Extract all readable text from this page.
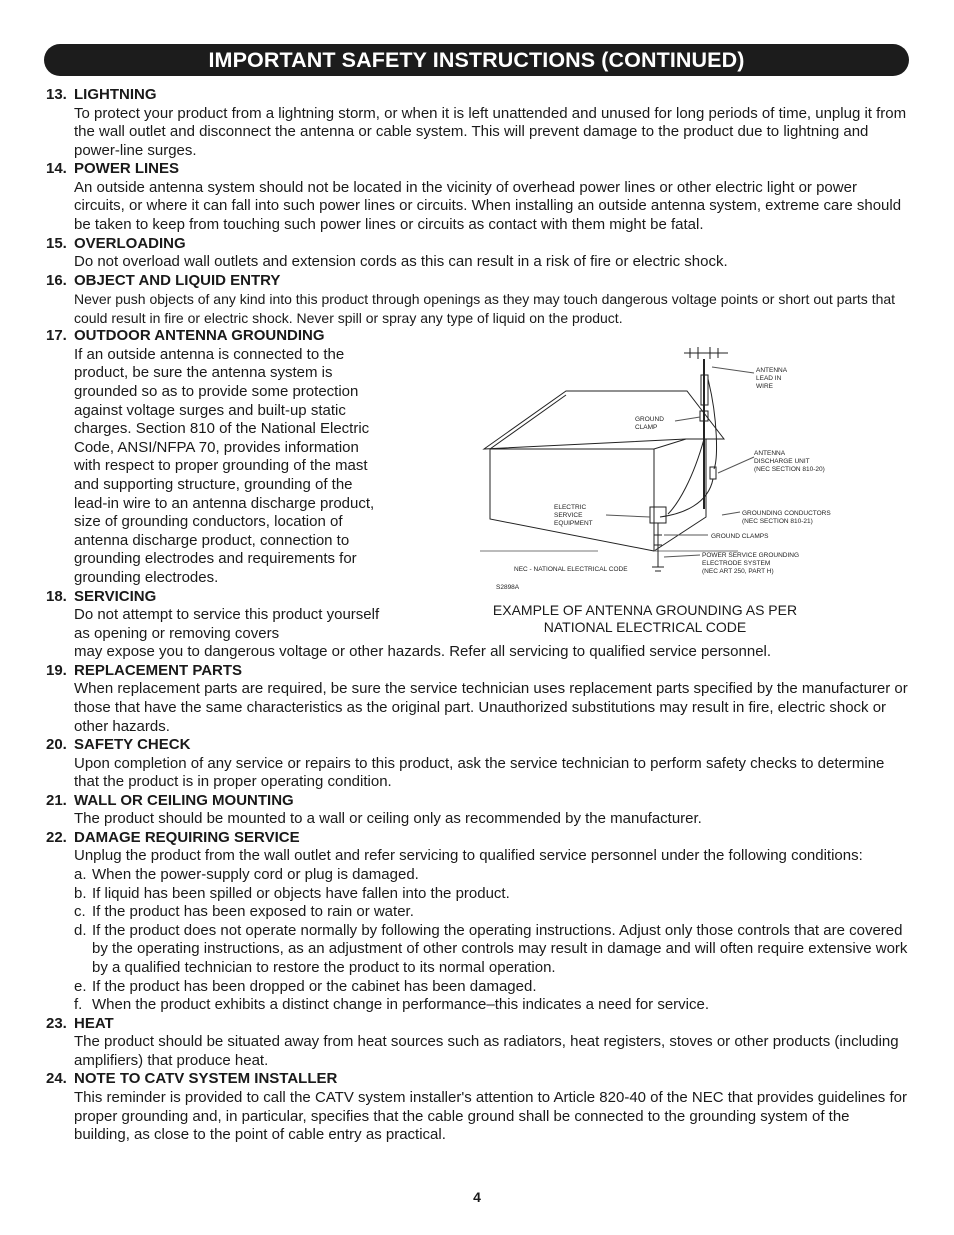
IMPORTANT SAFETY INSTRUCTIONS (CONTINUED)
13. LIGHTNING
To protect your product from a lightning storm, or when it is left unattended and unused for long periods of time, unplug it from the wall outlet and disconnect the antenna or cable system. This will prevent damage to the product due to lightning and power-line surges.
14. POWER LINES
An outside antenna system should not be located in the vicinity of overhead power lines or other electric light or power circuits, or where it can fall into such power lines or circuits. When installing an outside antenna system, extreme care should be taken to keep from touching such power lines or circuits as contact with them might be fatal.
15. OVERLOADING
Do not overload wall outlets and extension cords as this can result in a risk of fire or electric shock.
16. OBJECT AND LIQUID ENTRY
Never push objects of any kind into this product through openings as they may touch dangerous voltage points or short out parts that could result in fire or electric shock. Never spill or spray any type of liquid on the product.
17. OUTDOOR ANTENNA GROUNDING
If an outside antenna is connected to the product, be sure the antenna system is grounded so as to provide some protection against voltage surges and built-up static charges. Section 810 of the National Electric Code, ANSI/NFPA 70, provides information with respect to proper grounding of the mast and supporting structure, grounding of the lead-in wire to an antenna discharge product, size of grounding conductors, location of antenna discharge product, connection to grounding electrodes and requirements for grounding electrodes.
18. SERVICING
Do not attempt to service this product yourself as opening or removing covers
may expose you to dangerous voltage or other hazards. Refer all servicing to qualified service personnel.
19. REPLACEMENT PARTS
When replacement parts are required, be sure the service technician uses replacement parts specified by the manufacturer or those that have the same characteristics as the original part. Unauthorized substitutions may result in fire, electric shock or other hazards.
20. SAFETY CHECK
Upon completion of any service or repairs to this product, ask the service technician to perform safety checks to determine that the product is in proper operating condition.
21. WALL OR CEILING MOUNTING
The product should be mounted to a wall or ceiling only as recommended by the manufacturer.
22. DAMAGE REQUIRING SERVICE
Unplug the product from the wall outlet and refer servicing to qualified service personnel under the following conditions:
a. When the power-supply cord or plug is damaged.
b. If liquid has been spilled or objects have fallen into the product.
c. If the product has been exposed to rain or water.
d. If the product does not operate normally by following the operating instructions. Adjust only those controls that are covered by the operating instructions, as an adjustment of other controls may result in damage and will often require extensive work by a qualified technician to restore the product to its normal operation.
e. If the product has been dropped or the cabinet has been damaged.
f. When the product exhibits a distinct change in performance–this indicates a need for service.
23. HEAT
The product should be situated away from heat sources such as radiators, heat registers, stoves or other products (including amplifiers) that produce heat.
24. NOTE TO CATV SYSTEM INSTALLER
This reminder is provided to call the CATV system installer's attention to Article 820-40 of the NEC that provides guidelines for proper grounding and, in particular, specifies that the cable ground shall be connected to the grounding system of the building, as close to the point of cable entry as practical.
ANTENNA
LEAD IN
WIRE
GROUND
CLAMP
ANTENNA
DISCHARGE UNIT
(NEC SECTION 810-20)
ELECTRIC
SERVICE
EQUIPMENT
GROUNDING CONDUCTORS
(NEC SECTION 810-21)
GROUND CLAMPS
POWER SERVICE GROUNDING
ELECTRODE SYSTEM
(NEC ART 250, PART H)
NEC - NATIONAL ELECTRICAL CODE
S2898A
EXAMPLE OF ANTENNA GROUNDING AS PER
NATIONAL ELECTRICAL CODE
4
